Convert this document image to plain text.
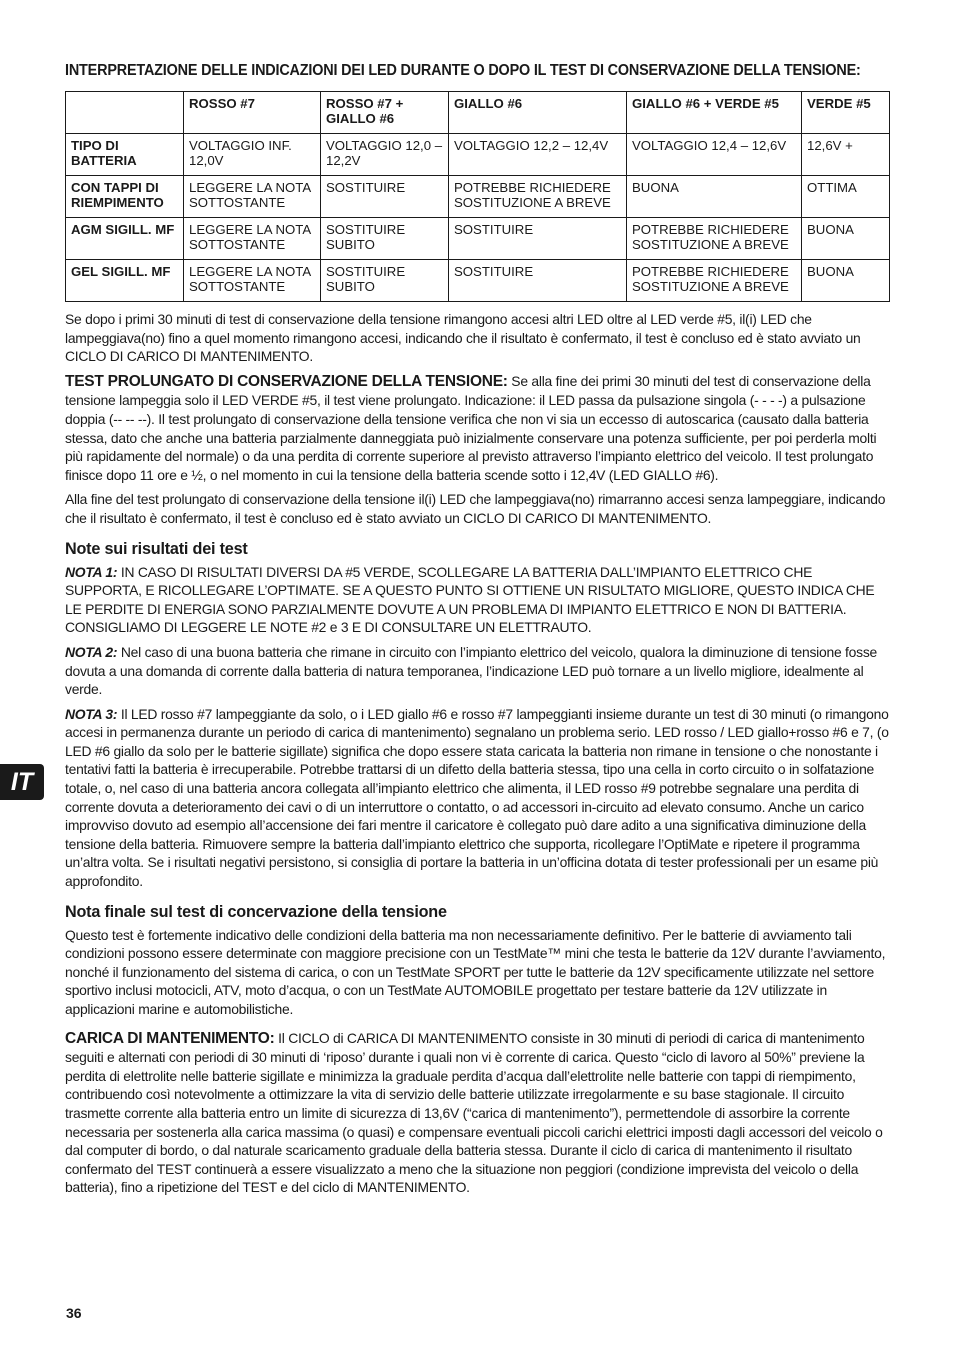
INTERPRETAZIONE DELLE INDICAZIONI DEI LED DURANTE O DOPO IL TEST DI CONSERVAZIONE DELLA TENSIONE:
	ROSSO #7	ROSSO #7 + GIALLO #6	GIALLO #6	GIALLO #6 + VERDE #5	VERDE #5
TIPO DI BATTERIA	VOLTAGGIO INF. 12,0V	VOLTAGGIO 12,0 – 12,2V	VOLTAGGIO 12,2 – 12,4V	VOLTAGGIO 12,4 – 12,6V	12,6V +
CON TAPPI DI RIEMPIMENTO	LEGGERE LA NOTA SOTTOSTANTE	SOSTITUIRE	POTREBBE RICHIEDERE SOSTITUZIONE A BREVE	BUONA	OTTIMA
AGM SIGILL. MF	LEGGERE LA NOTA SOTTOSTANTE	SOSTITUIRE SUBITO	SOSTITUIRE	POTREBBE RICHIEDERE SOSTITUZIONE A BREVE	BUONA
GEL SIGILL. MF	LEGGERE LA NOTA SOTTOSTANTE	SOSTITUIRE SUBITO	SOSTITUIRE	POTREBBE RICHIEDERE SOSTITUZIONE A BREVE	BUONA

Se dopo i primi 30 minuti di test di conservazione della tensione rimangono accesi altri LED oltre al LED verde #5, il(i) LED che lampeggiava(no) fino a quel momento rimangono accesi, indicando che il risultato è confermato, il test è concluso ed è stato avviato un CICLO DI CARICO DI MANTENIMENTO.

TEST PROLUNGATO DI CONSERVAZIONE DELLA TENSIONE: Se alla fine dei primi 30 minuti del test di conservazione della tensione lampeggia solo il LED VERDE #5, il test viene prolungato. Indicazione: il LED passa da pulsazione singola (- - - -) a pulsazione doppia (-- -- --). Il test prolungato di conservazione della tensione verifica che non vi sia un eccesso di autoscarica (causato dalla batteria stessa, dato che anche una batteria parzialmente danneggiata può inizialmente conservare una potenza sufficiente, per poi perderla molti più rapidamente del normale) o da una perdita di corrente superiore al previsto attraverso l’impianto elettrico del veicolo. Il test prolungato finisce dopo 11 ore e ½, o nel momento in cui la tensione della batteria scende sotto i 12,4V (LED GIALLO #6).

Alla fine del test prolungato di conservazione della tensione il(i) LED che lampeggiava(no) rimarranno accesi senza lampeggiare, indicando che il risultato è confermato, il test è concluso ed è stato avviato un CICLO DI CARICO DI MANTENIMENTO.

Note sui risultati dei test

NOTA 1: IN CASO DI RISULTATI DIVERSI DA #5 VERDE, SCOLLEGARE LA BATTERIA DALL’IMPIANTO ELETTRICO CHE SUPPORTA, E RICOLLEGARE L’OPTIMATE. SE A QUESTO PUNTO SI OTTIENE UN RISULTATO MIGLIORE, QUESTO INDICA CHE LE PERDITE DI ENERGIA SONO PARZIALMENTE DOVUTE A UN PROBLEMA DI IMPIANTO ELETTRICO E NON DI BATTERIA. CONSIGLIAMO DI LEGGERE LE NOTE #2 e 3 E DI CONSULTARE UN ELETTRAUTO.

NOTA 2: Nel caso di una buona batteria che rimane in circuito con l’impianto elettrico del veicolo, qualora la diminuzione di tensione fosse dovuta a una domanda di corrente dalla batteria di natura temporanea, l’indicazione LED può tornare a un livello migliore, idealmente al verde.

NOTA 3: Il LED rosso #7 lampeggiante da solo, o i LED giallo #6 e rosso #7 lampeggianti insieme durante un test di 30 minuti (o rimangono accesi in permanenza durante un periodo di carica di mantenimento) segnalano un problema serio. LED rosso / LED giallo+rosso #6 e 7, (o LED #6 giallo da solo per le batterie sigillate) significa che dopo essere stata caricata la batteria non rimane in tensione o che nonostante i tentativi fatti la batteria è irrecuperabile. Potrebbe trattarsi di un difetto della batteria stessa, tipo una cella in corto circuito o in solfatazione totale, o, nel caso di una batteria ancora collegata all’impianto elettrico che alimenta, il LED rosso #9 potrebbe segnalare una perdita di corrente dovuta a deterioramento dei cavi o di un interruttore o contatto, o ad accessori in-circuito ad elevato consumo. Anche un carico improvviso dovuto ad esempio all’accensione dei fari mentre il caricatore è collegato può dare adito a una significativa diminuzione della tensione della batteria. Rimuovere sempre la batteria dall’impianto elettrico che supporta, ricollegare l’OptiMate e ripetere il programma un’altra volta. Se i risultati negativi persistono, si consiglia di portare la batteria in un’officina dotata di tester professionali per un esame più approfondito.

Nota finale sul test di concervazione della tensione

Questo test è fortemente indicativo delle condizioni della batteria ma non necessariamente definitivo. Per le batterie di avviamento tali condizioni possono essere determinate con maggiore precisione con un TestMate™ mini che testa le batterie da 12V durante l’avviamento, nonché il funzionamento del sistema di carica, o con un TestMate SPORT per tutte le batterie da 12V specificamente utilizzate nel settore sportivo inclusi motocicli, ATV, moto d’acqua, o con un TestMate AUTOMOBILE progettato per testare batterie da 12V utilizzate in applicazioni marine e automobilistiche.

CARICA DI MANTENIMENTO: Il CICLO di CARICA DI MANTENIMENTO consiste in 30 minuti di periodi di carica di mantenimento seguiti e alternati con periodi di 30 minuti di ‘riposo’ durante i quali non vi è corrente di carica. Questo “ciclo di lavoro al 50%” previene la perdita di elettrolite nelle batterie sigillate e minimizza la graduale perdita d’acqua dall’elettrolite nelle batterie con tappi di riempimento, contribuendo così notevolmente a ottimizzare la vita di servizio delle batterie utilizzate irregolarmente e su base stagionale. Il circuito trasmette corrente alla batteria entro un limite di sicurezza di 13,6V (“carica di mantenimento”), permettendole di assorbire la corrente necessaria per sostenerla alla carica massima (o quasi) e compensare eventuali piccoli carichi elettrici imposti dagli accessori del veicolo o dal computer di bordo, o dal naturale scaricamento graduale della batteria stessa. Durante il ciclo di carica di mantenimento il risultato confermato del TEST continuerà a essere visualizzato a meno che la situazione non peggiori (condizione imprevista del veicolo o della batteria), fino a ripetizione del TEST e del ciclo di MANTENIMENTO.

IT
36
